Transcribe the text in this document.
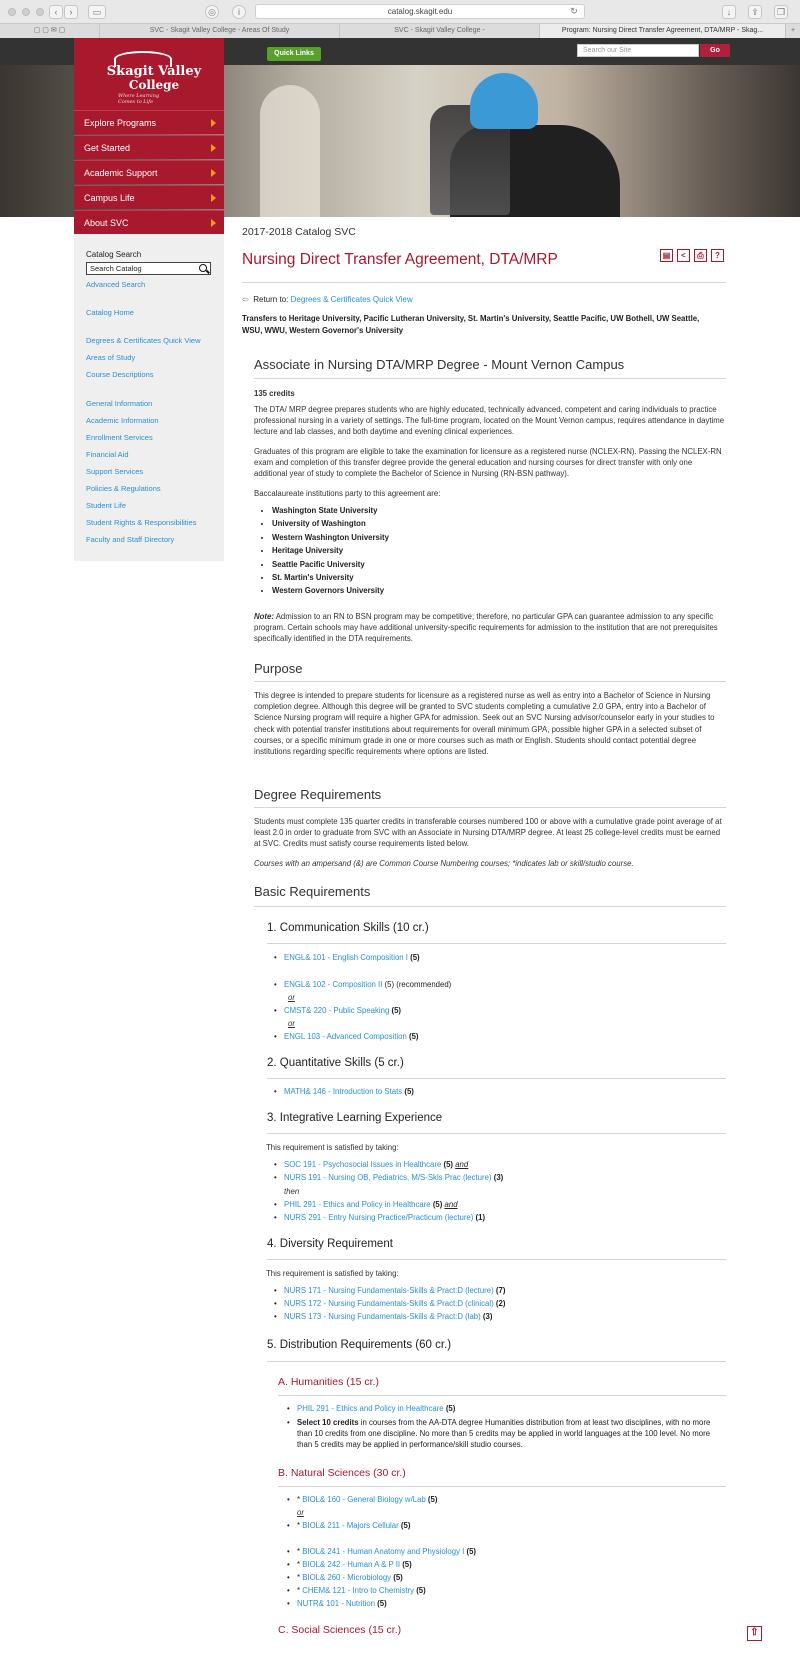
‹	›	▭	◎	i	catalog.skagit.edu	↻	↓	⇪	❐
▢ ▢ ✉ ▢	SVC - Skagit Valley College - Areas Of Study	SVC - Skagit Valley College -	Program: Nursing Direct Transfer Agreement, DTA/MRP - Skag...	+
Quick Links	Search our Site	Go
Skagit Valley
College
Where Learning
Comes to Life
Explore Programs
Get Started
Academic Support
Campus Life
About SVC
Catalog Search
Search Catalog
Advanced Search
Catalog Home
Degrees & Certificates Quick View
Areas of Study
Course Descriptions
General Information
Academic Information
Enrollment Services
Financial Aid
Support Services
Policies & Regulations
Student Life
Student Rights & Responsibilities
Faculty and Staff Directory
2017-2018 Catalog SVC
Nursing Direct Transfer Agreement, DTA/MRP	▤	<	⎙	?
⇦ Return to: Degrees & Certificates Quick View
Transfers to Heritage University, Pacific Lutheran University, St. Martin's University, Seattle Pacific, UW Bothell, UW Seattle, WSU, WWU, Western Governor's University
Associate in Nursing DTA/MRP Degree - Mount Vernon Campus
135 credits
The DTA/ MRP degree prepares students who are highly educated, technically advanced, competent and caring individuals to practice professional nursing in a variety of settings. The full-time program, located on the Mount Vernon campus, requires attendance in daytime lecture and lab classes, and both daytime and evening clinical experiences.
Graduates of this program are eligible to take the examination for licensure as a registered nurse (NCLEX-RN). Passing the NCLEX-RN exam and completion of this transfer degree provide the general education and nursing courses for direct transfer with only one additional year of study to complete the Bachelor of Science in Nursing (RN-BSN pathway).
Baccalaureate institutions party to this agreement are:
• Washington State University
• University of Washington
• Western Washington University
• Heritage University
• Seattle Pacific University
• St. Martin's University
• Western Governors University
Note: Admission to an RN to BSN program may be competitive; therefore, no particular GPA can guarantee admission to any specific program. Certain schools may have additional university-specific requirements for admission to the institution that are not prerequisites specifically identified in the DTA requirements.
Purpose
This degree is intended to prepare students for licensure as a registered nurse as well as entry into a Bachelor of Science in Nursing completion degree. Although this degree will be granted to SVC students completing a cumulative 2.0 GPA, entry into a Bachelor of Science Nursing program will require a higher GPA for admission. Seek out an SVC Nursing advisor/counselor early in your studies to check with potential transfer institutions about requirements for overall minimum GPA, possible higher GPA in a selected subset of courses, or a specific minimum grade in one or more courses such as math or English. Students should contact potential degree institutions regarding specific requirements where options are listed.
Degree Requirements
Students must complete 135 quarter credits in transferable courses numbered 100 or above with a cumulative grade point average of at least 2.0 in order to graduate from SVC with an Associate in Nursing DTA/MRP degree. At least 25 college-level credits must be earned at SVC. Credits must satisfy course requirements listed below.
Courses with an ampersand (&) are Common Course Numbering courses; *indicates lab or skill/studio course.
Basic Requirements
1. Communication Skills (10 cr.)
• ENGL& 101 - English Composition I (5)
• ENGL& 102 - Composition II (5) (recommended)
or
• CMST& 220 - Public Speaking (5)
or
• ENGL 103 - Advanced Composition (5)
2. Quantitative Skills (5 cr.)
• MATH& 146 - Introduction to Stats (5)
3. Integrative Learning Experience
This requirement is satisfied by taking:
• SOC 191 - Psychosocial Issues in Healthcare (5) and
• NURS 191 - Nursing OB, Pediatrics, M/S-Skls Prac (lecture) (3)
then
• PHIL 291 - Ethics and Policy in Healthcare (5) and
• NURS 291 - Entry Nursing Practice/Practicum (lecture) (1)
4. Diversity Requirement
This requirement is satisfied by taking:
• NURS 171 - Nursing Fundamentals-Skills & Pract:D (lecture) (7)
• NURS 172 - Nursing Fundamentals-Skills & Pract:D (clinical) (2)
• NURS 173 - Nursing Fundamentals-Skills & Pract:D (lab) (3)
5. Distribution Requirements (60 cr.)
A. Humanities (15 cr.)
• PHIL 291 - Ethics and Policy in Healthcare (5)
• Select 10 credits in courses from the AA-DTA degree Humanities distribution from at least two disciplines, with no more than 10 credits from one discipline. No more than 5 credits may be applied in world languages at the 100 level. No more than 5 credits may be applied in performance/skill studio courses.
B. Natural Sciences (30 cr.)
• * BIOL& 160 - General Biology w/Lab (5)
or
• * BIOL& 211 - Majors Cellular (5)
• * BIOL& 241 - Human Anatomy and Physiology I (5)
• * BIOL& 242 - Human A & P II (5)
• * BIOL& 260 - Microbiology (5)
• * CHEM& 121 - Intro to Chemistry (5)
• NUTR& 101 - Nutrition (5)
C. Social Sciences (15 cr.)	⇧
